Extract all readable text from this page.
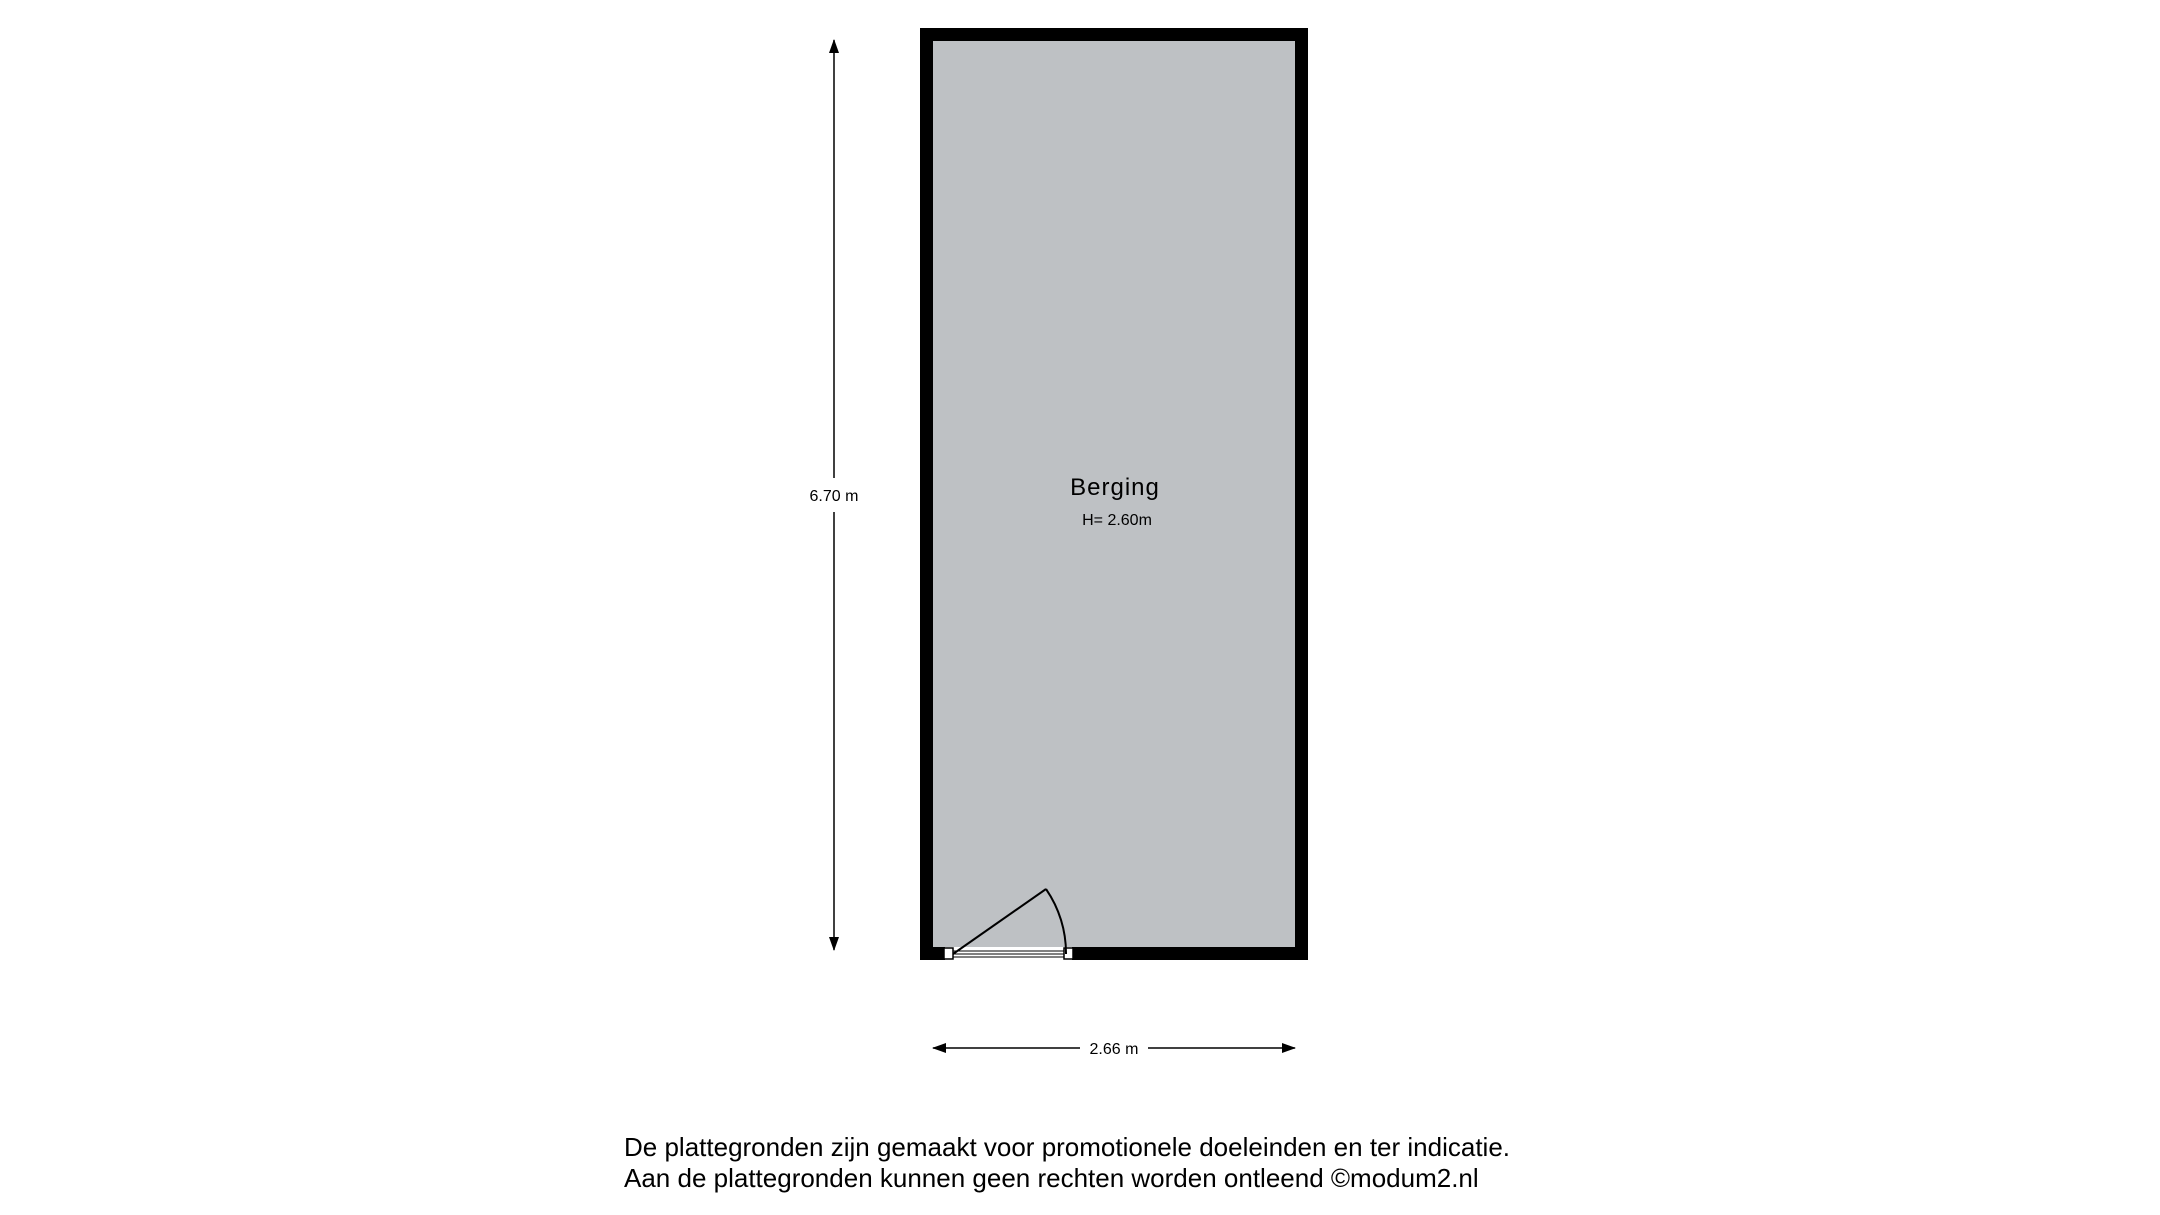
Berging
H= 2.60m
6.70 m
2.66 m
De plattegronden zijn gemaakt voor promotionele doeleinden en ter indicatie.
Aan de plattegronden kunnen geen rechten worden ontleend ©modum2.nl
